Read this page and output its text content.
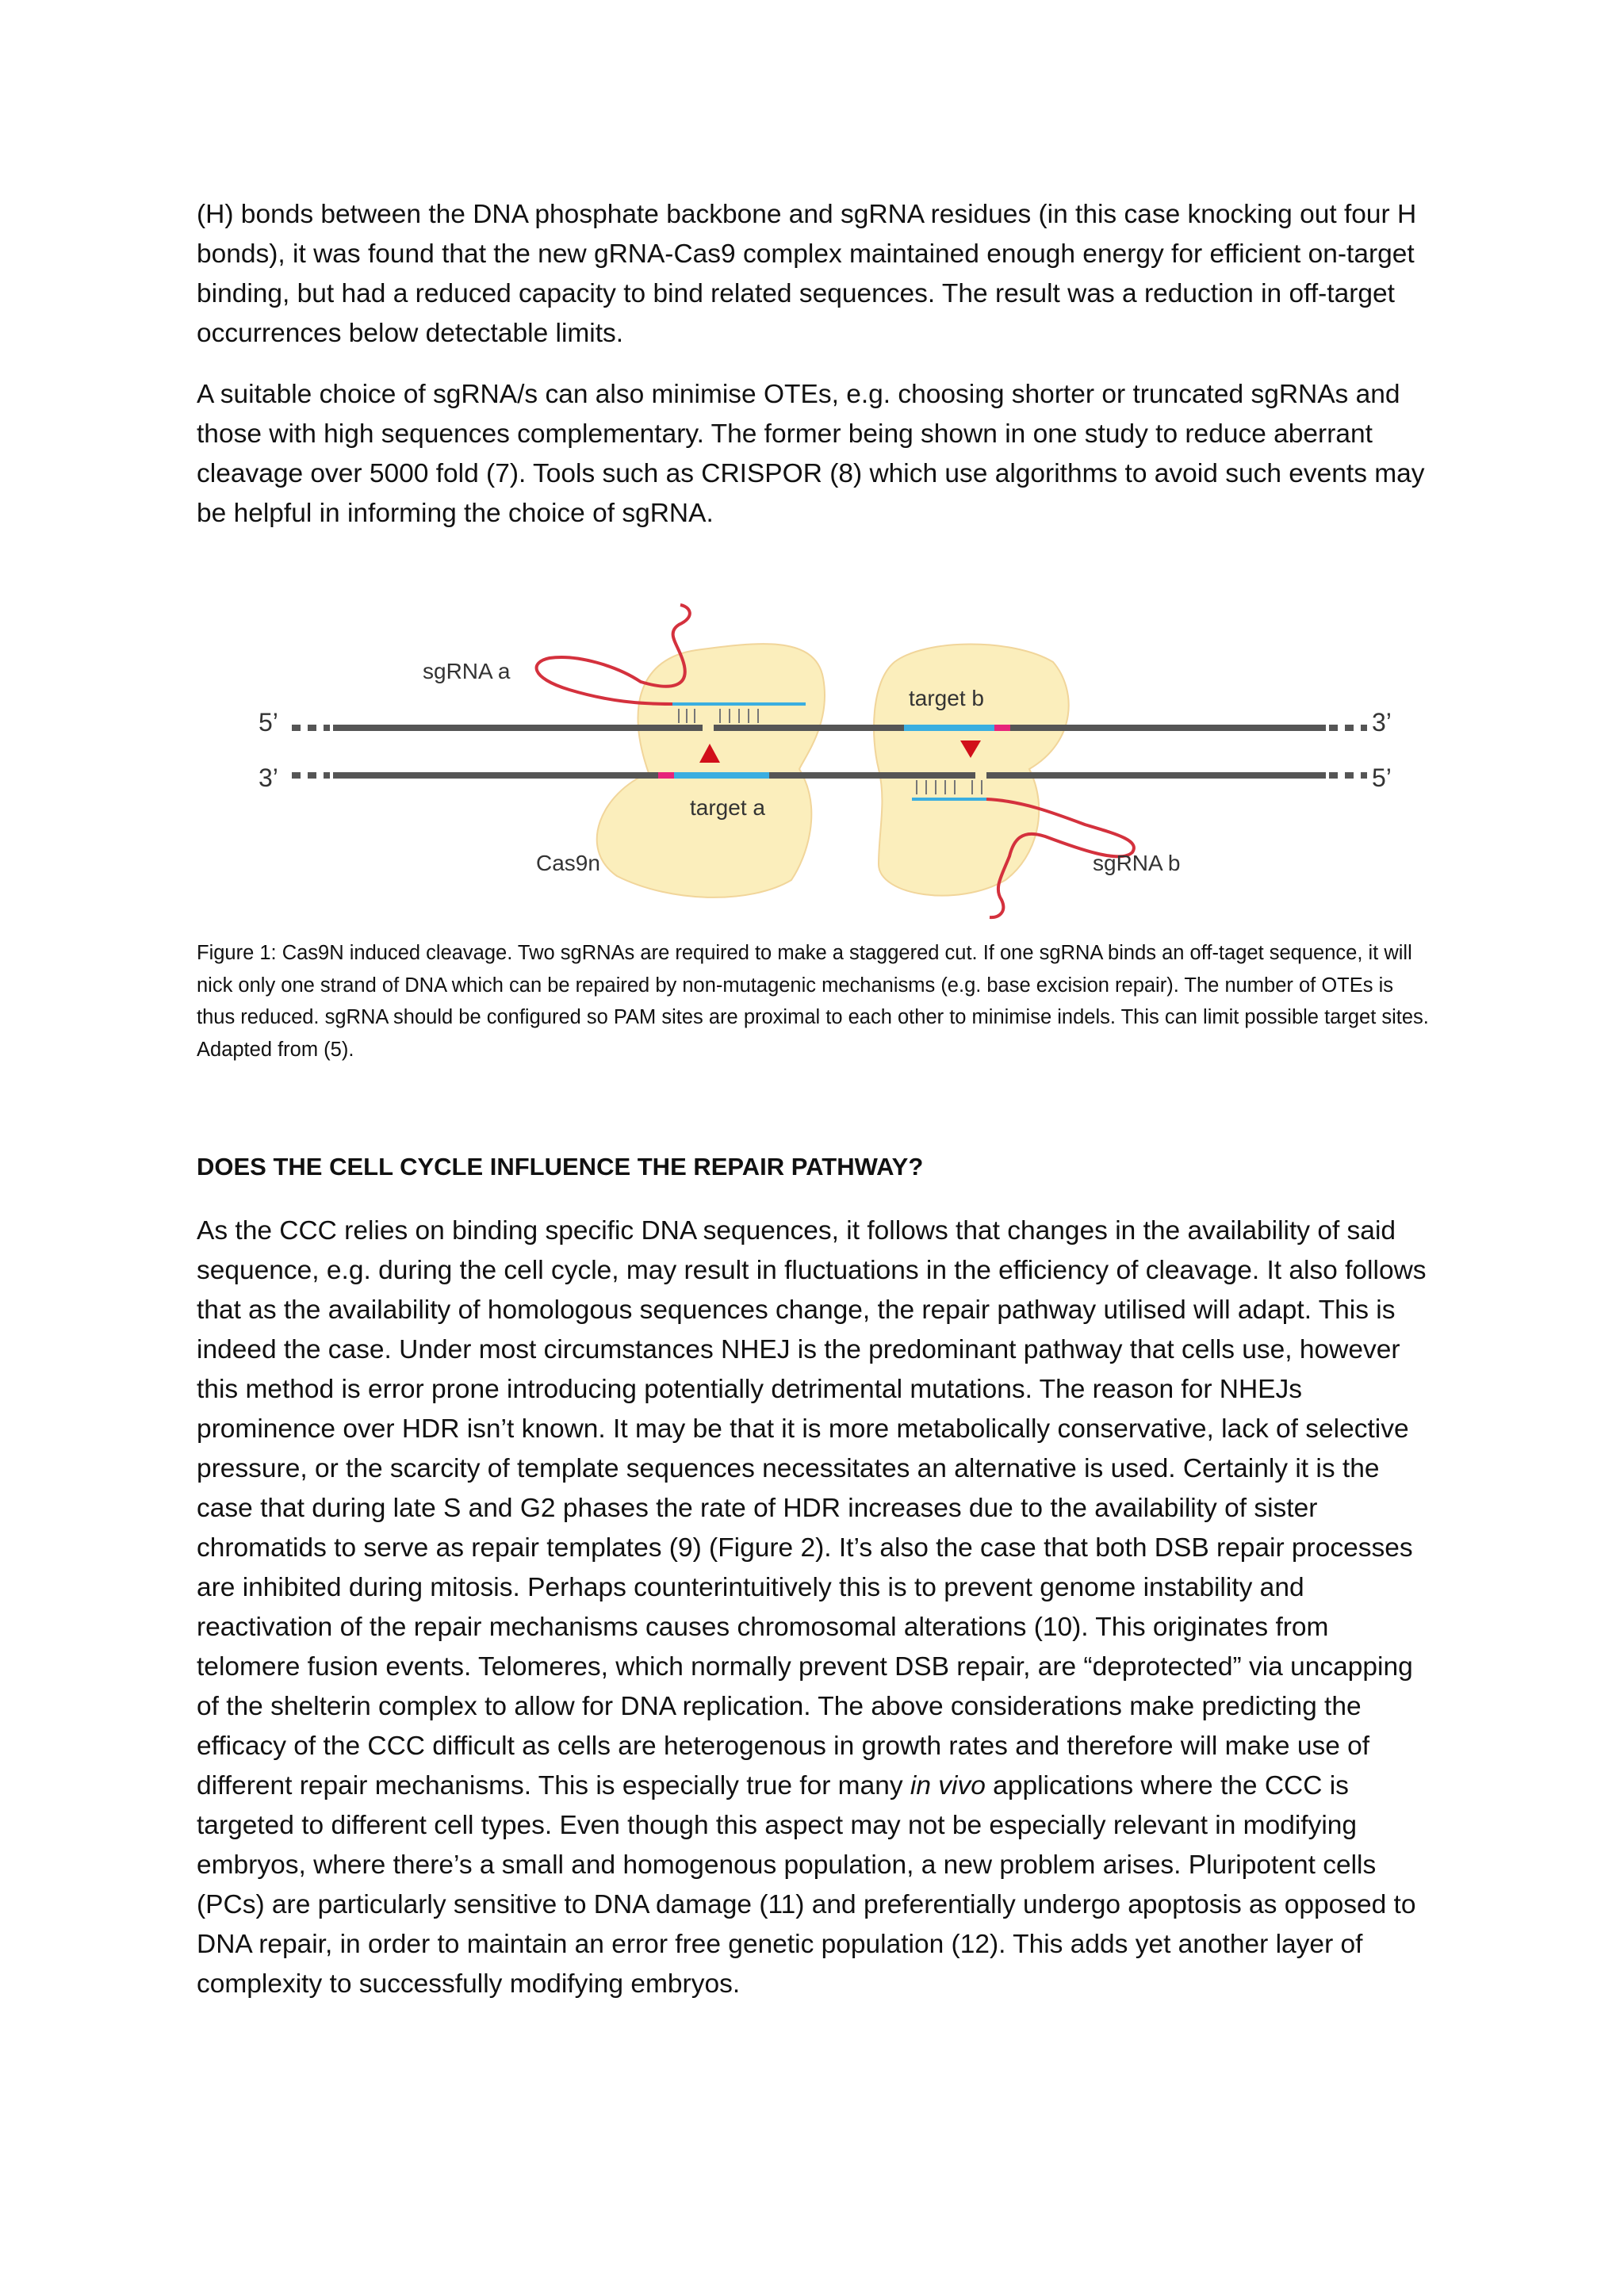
(H) bonds between the DNA phosphate backbone and sgRNA residues (in this case knocking out four H bonds), it was found that the new gRNA-Cas9 complex maintained enough energy for efficient on-target binding, but had a reduced capacity to bind related sequences. The result was a reduction in off-target occurrences below detectable limits.

A suitable choice of sgRNA/s can also minimise OTEs, e.g. choosing shorter or truncated sgRNAs and those with high sequences complementary. The former being shown in one study to reduce aberrant cleavage over 5000 fold (7). Tools such as CRISPOR (8) which use algorithms to avoid such events may be helpful in informing the choice of sgRNA.

sgRNA a
target b
target a
Cas9n	sgRNA b
5’
3’
3’
5’

Figure 1: Cas9N induced cleavage. Two sgRNAs are required to make a staggered cut. If one sgRNA binds an off-taget sequence, it will nick only one strand of DNA which can be repaired by non-mutagenic mechanisms (e.g. base excision repair). The number of OTEs is thus reduced. sgRNA should be configured so PAM sites are proximal to each other to minimise indels. This can limit possible target sites. Adapted from (5).

DOES THE CELL CYCLE INFLUENCE THE REPAIR PATHWAY?

As the CCC relies on binding specific DNA sequences, it follows that changes in the availability of said sequence, e.g. during the cell cycle, may result in fluctuations in the efficiency of cleavage. It also follows that as the availability of homologous sequences change, the repair pathway utilised will adapt. This is indeed the case. Under most circumstances NHEJ is the predominant pathway that cells use, however this method is error prone introducing potentially detrimental mutations. The reason for NHEJs prominence over HDR isn’t known. It may be that it is more metabolically conservative, lack of selective pressure, or the scarcity of template sequences necessitates an alternative is used. Certainly it is the case that during late S and G2 phases the rate of HDR increases due to the availability of sister chromatids to serve as repair templates (9) (Figure 2). It’s also the case that both DSB repair processes are inhibited during mitosis. Perhaps counterintuitively this is to prevent genome instability and reactivation of the repair mechanisms causes chromosomal alterations (10). This originates from telomere fusion events. Telomeres, which normally prevent DSB repair, are “deprotected” via uncapping of the shelterin complex to allow for DNA replication. The above considerations make predicting the efficacy of the CCC difficult as cells are heterogenous in growth rates and therefore will make use of different repair mechanisms. This is especially true for many in vivo applications where the CCC is targeted to different cell types. Even though this aspect may not be especially relevant in modifying embryos, where there’s a small and homogenous population, a new problem arises. Pluripotent cells (PCs) are particularly sensitive to DNA damage (11) and preferentially undergo apoptosis as opposed to DNA repair, in order to maintain an error free genetic population (12). This adds yet another layer of complexity to successfully modifying embryos.
